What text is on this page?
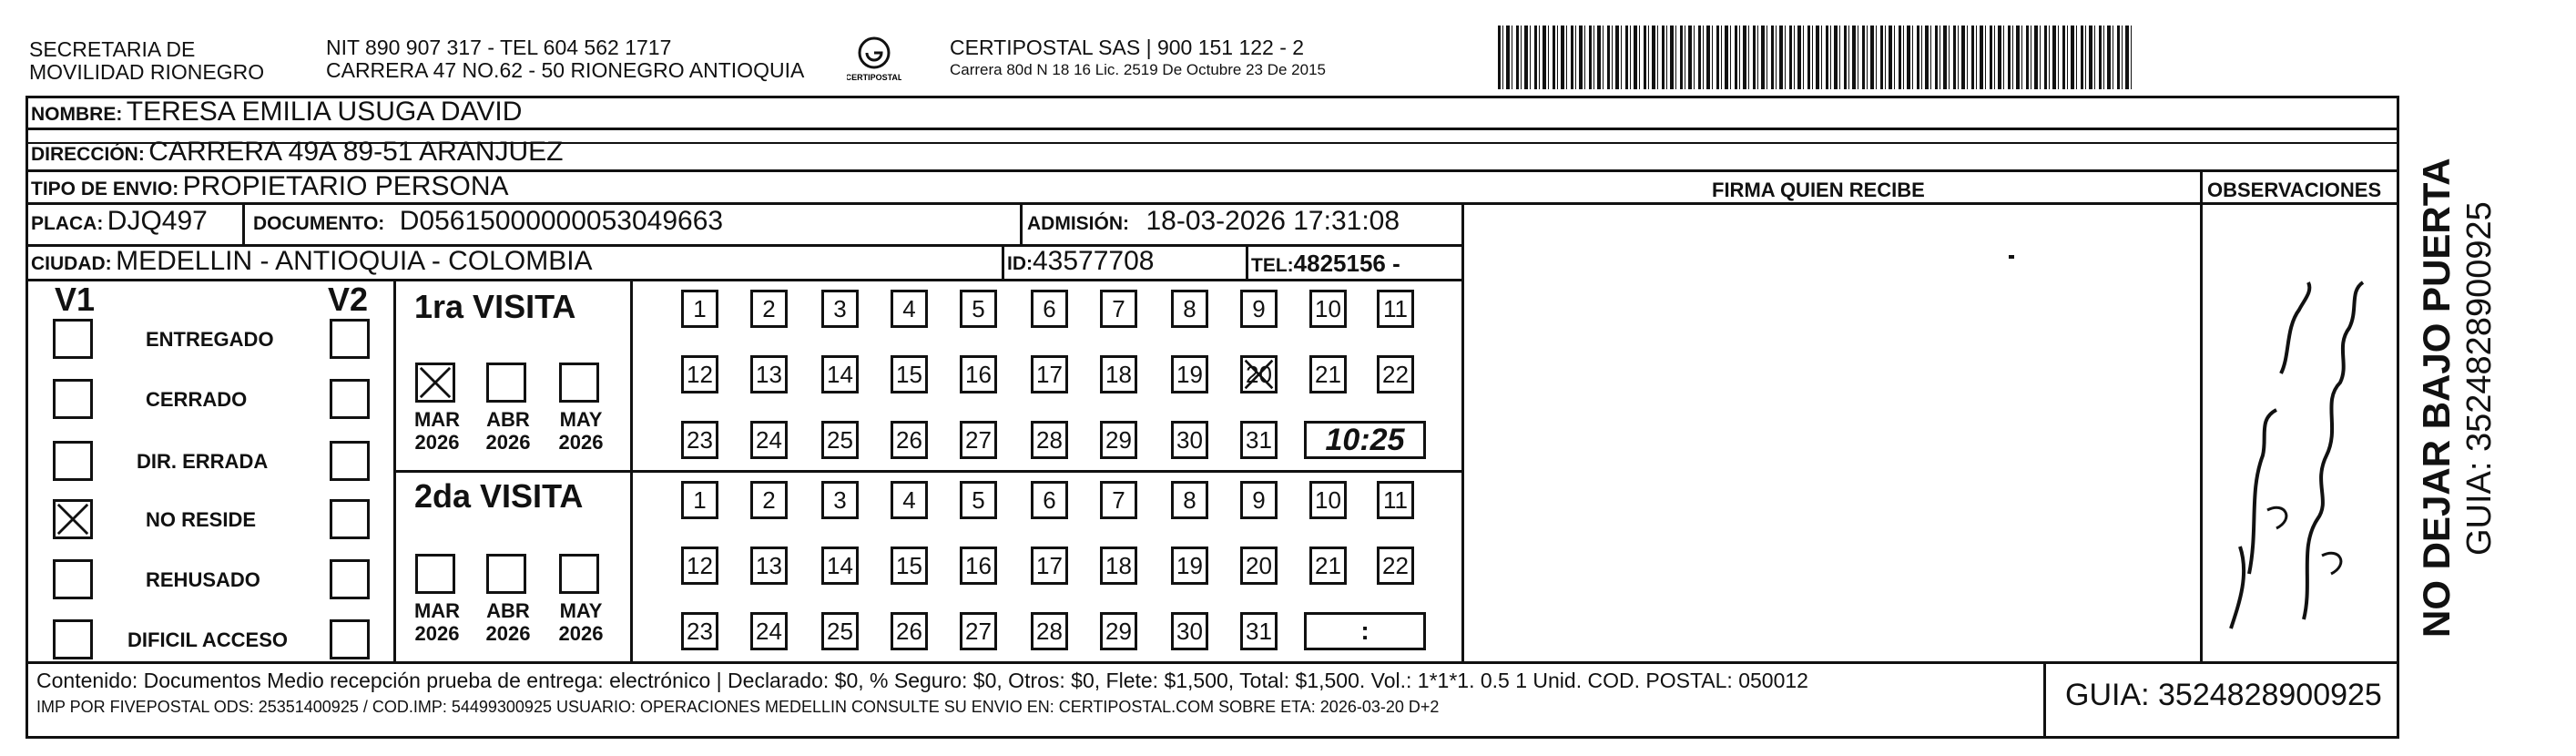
SECRETARIA DE
MOVILIDAD RIONEGRO
NIT 890 907 317 - TEL 604 562 1717
CARRERA 47 NO.62 - 50 RIONEGRO ANTIOQUIA	CERTIPOSTAL
CERTIPOSTAL SAS | 900 151 122 - 2
Carrera 80d N 18 16 Lic. 2519 De Octubre 23 De 2015
NOMBRE: TERESA EMILIA USUGA DAVID
DIRECCIÓN: CARRERA 49A 89-51 ARANJUEZ
TIPO DE ENVIO: PROPIETARIO PERSONA	FIRMA QUIEN RECIBE	OBSERVACIONES
PLACA: DJQ497 DOCUMENTO: D05615000000053049663	ADMISIÓN: 18-03-2026 17:31:08
CIUDAD: MEDELLIN - ANTIOQUIA - COLOMBIA	ID:43577708	TEL:4825156 -
V1	V2
ENTREGADO
CERRADO
DIR. ERRADA
NO RESIDE
REHUSADO
DIFICIL ACCESO
1ra VISITA
2da VISITA
MAR
2026
ABR
2026
MAY
2026
1	2	3	4	5	6	7	8	9	10 11
12 13 14 15 16 17 18 19 20 21 22
23 24 25 26 27 28 29 30 31	10:25
MAR
2026
ABR
2026
MAY
2026
1	2	3	4	5	6	7	8	9	10 11
12 13 14 15 16 17 18 19 20 21 22
23 24 25 26 27 28 29 30 31	:
Contenido: Documentos Medio recepción prueba de entrega: electrónico | Declarado: $0, % Seguro: $0, Otros: $0, Flete: $1,500, Total: $1,500. Vol.: 1*1*1. 0.5 1 Unid. COD. POSTAL: 050012
IMP POR FIVEPOSTAL ODS: 25351400925 / COD.IMP: 54499300925 USUARIO: OPERACIONES MEDELLIN CONSULTE SU ENVIO EN: CERTIPOSTAL.COM SOBRE ETA: 2026-03-20 D+2	GUIA: 3524828900925
NO DEJAR BAJO PUERTA GUIA: 3524828900925
